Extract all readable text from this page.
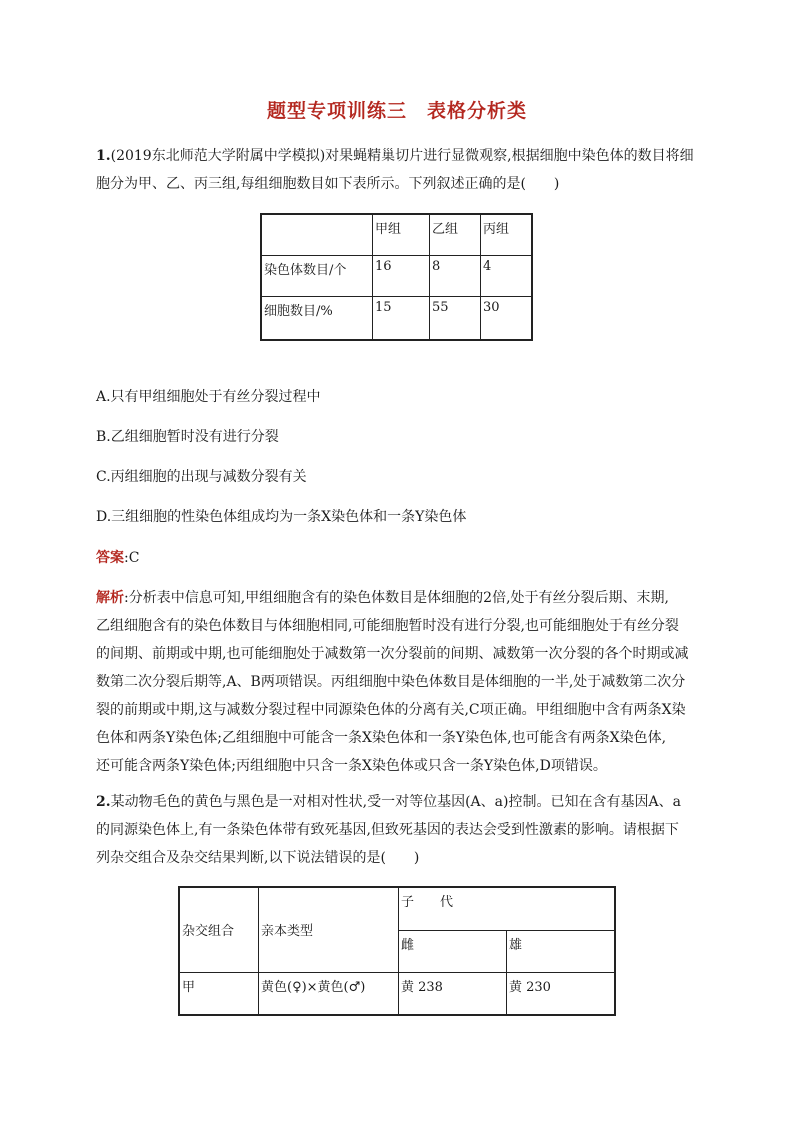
题型专项训练三　表格分析类
1.(2019东北师范大学附属中学模拟)对果蝇精巢切片进行显微观察,根据细胞中染色体的数目将细
胞分为甲、乙、丙三组,每组细胞数目如下表所示。下列叙述正确的是(　　)
	甲组	乙组	丙组
染色体数目/个	16	8	4
细胞数目/%	15	55	30
A.只有甲组细胞处于有丝分裂过程中
B.乙组细胞暂时没有进行分裂
C.丙组细胞的出现与减数分裂有关
D.三组细胞的性染色体组成均为一条X染色体和一条Y染色体
答案:C
解析:分析表中信息可知,甲组细胞含有的染色体数目是体细胞的2倍,处于有丝分裂后期、末期,
乙组细胞含有的染色体数目与体细胞相同,可能细胞暂时没有进行分裂,也可能细胞处于有丝分裂
的间期、前期或中期,也可能细胞处于减数第一次分裂前的间期、减数第一次分裂的各个时期或减
数第二次分裂后期等,A、B两项错误。丙组细胞中染色体数目是体细胞的一半,处于减数第二次分
裂的前期或中期,这与减数分裂过程中同源染色体的分离有关,C项正确。甲组细胞中含有两条X染
色体和两条Y染色体;乙组细胞中可能含一条X染色体和一条Y染色体,也可能含有两条X染色体,
还可能含两条Y染色体;丙组细胞中只含一条X染色体或只含一条Y染色体,D项错误。
2.某动物毛色的黄色与黑色是一对相对性状,受一对等位基因(A、a)控制。已知在含有基因A、a
的同源染色体上,有一条染色体带有致死基因,但致死基因的表达会受到性激素的影响。请根据下
列杂交组合及杂交结果判断,以下说法错误的是(　　)
杂交组合	亲本类型	子　　代	
		雌	雄
甲	黄色(♀)×黄色(♂)	黄 238	黄 230
